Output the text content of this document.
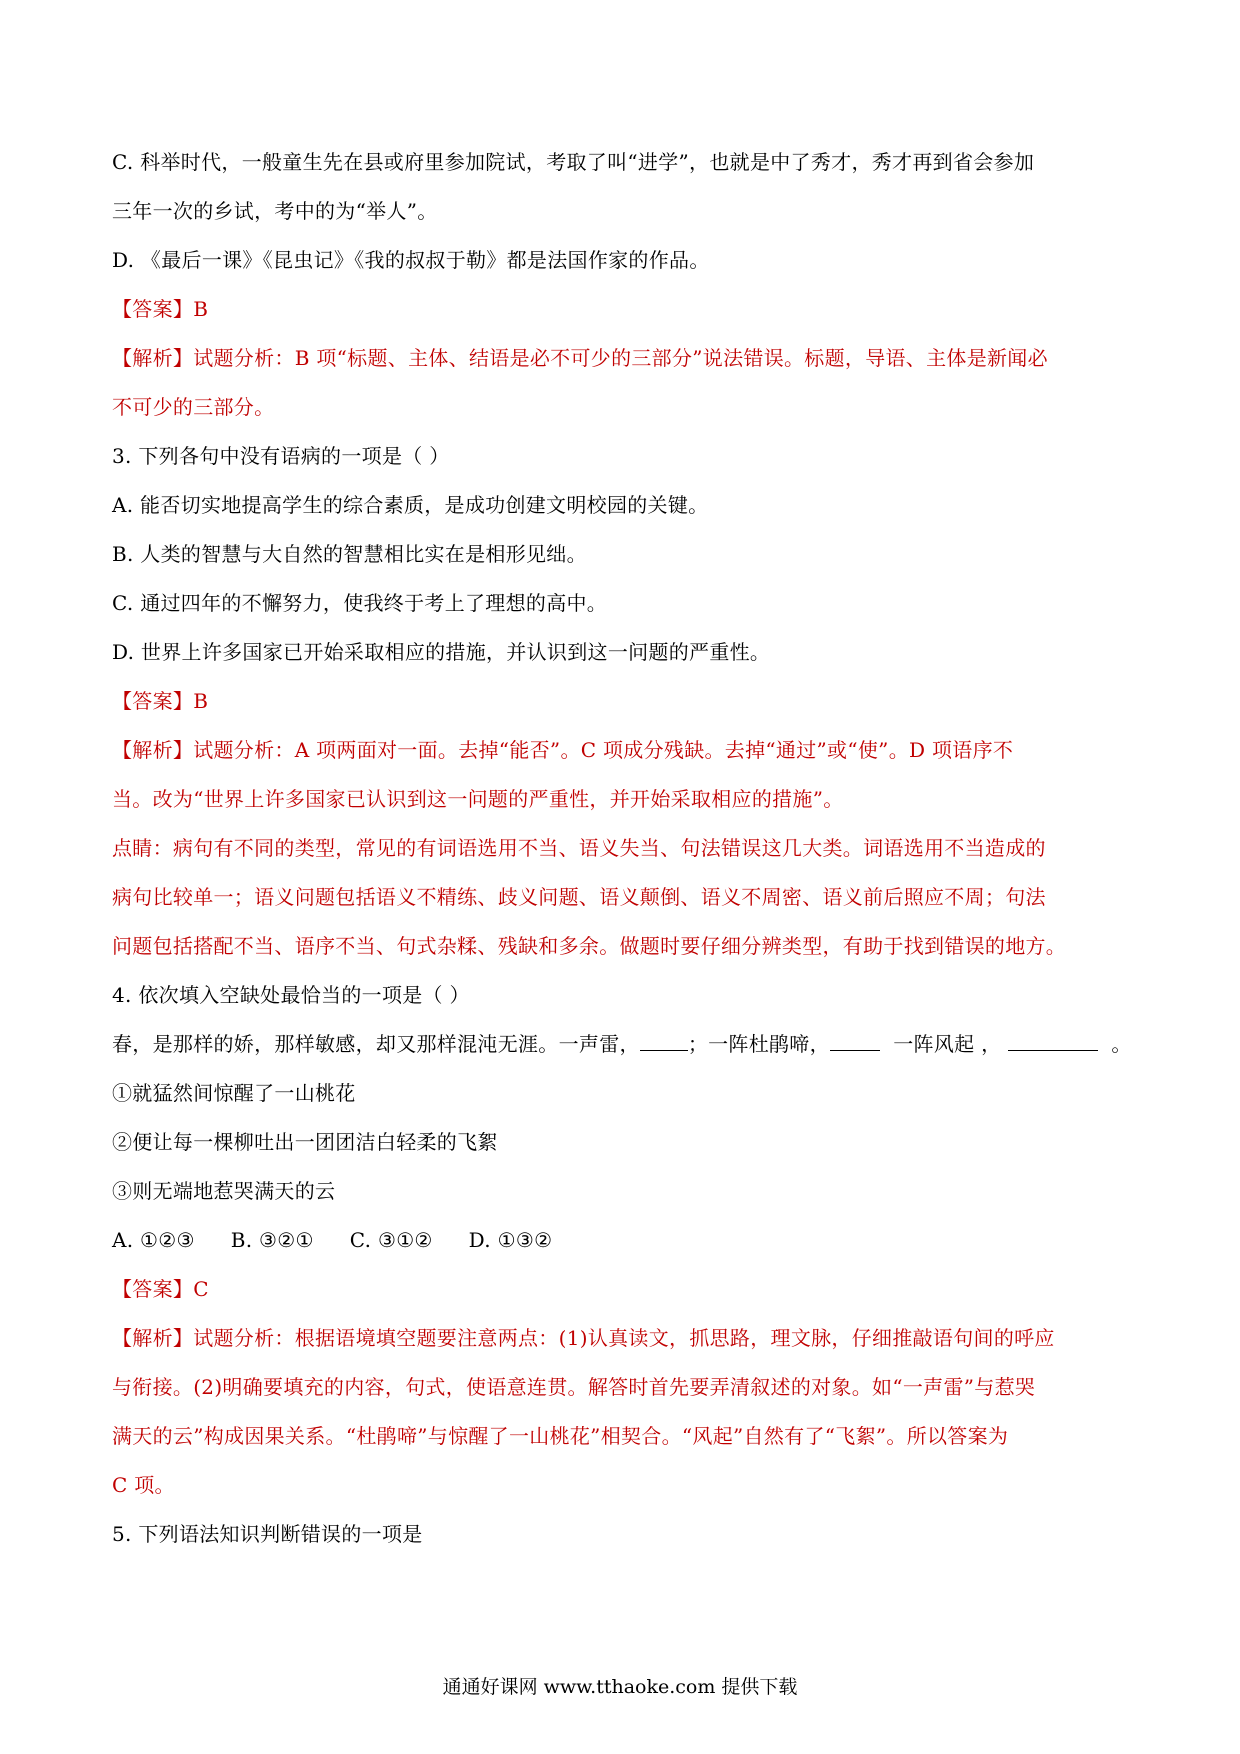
C. 科举时代，一般童生先在县或府里参加院试，考取了叫“进学”，也就是中了秀才，秀才再到省会参加
三年一次的乡试，考中的为“举人”。
D. 《最后一课》《昆虫记》《我的叔叔于勒》都是法国作家的作品。
【答案】B
【解析】试题分析：B 项“标题、主体、结语是必不可少的三部分”说法错误。标题，导语、主体是新闻必
不可少的三部分。
3. 下列各句中没有语病的一项是（ ）
A. 能否切实地提高学生的综合素质，是成功创建文明校园的关键。
B. 人类的智慧与大自然的智慧相比实在是相形见绌。
C. 通过四年的不懈努力，使我终于考上了理想的高中。
D. 世界上许多国家已开始采取相应的措施，并认识到这一问题的严重性。
【答案】B
【解析】试题分析：A 项两面对一面。去掉“能否”。C 项成分残缺。去掉“通过”或“使”。D 项语序不
当。改为“世界上许多国家已认识到这一问题的严重性，并开始采取相应的措施”。
点睛：病句有不同的类型，常见的有词语选用不当、语义失当、句法错误这几大类。词语选用不当造成的
病句比较单一；语义问题包括语义不精练、歧义问题、语义颠倒、语义不周密、语义前后照应不周；句法
问题包括搭配不当、语序不当、句式杂糅、残缺和多余。做题时要仔细分辨类型，有助于找到错误的地方。
4. 依次填入空缺处最恰当的一项是（ ）
春，是那样的娇，那样敏感，却又那样混沌无涯。一声雷， ；一阵杜鹃啼，	一阵风起 ，	。
①就猛然间惊醒了一山桃花
②便让每一棵柳吐出一团团洁白轻柔的飞絮
③则无端地惹哭满天的云
A. ①②③ B. ③②① C. ③①② D. ①③②
【答案】C
【解析】试题分析：根据语境填空题要注意两点：(1)认真读文，抓思路，理文脉，仔细推敲语句间的呼应
与衔接。(2)明确要填充的内容，句式，使语意连贯。解答时首先要弄清叙述的对象。如“一声雷”与惹哭
满天的云”构成因果关系。“杜鹃啼”与惊醒了一山桃花”相契合。“风起”自然有了“飞絮”。所以答案为
C 项。
5. 下列语法知识判断错误的一项是
通通好课网 www.tthaoke.com 提供下载
